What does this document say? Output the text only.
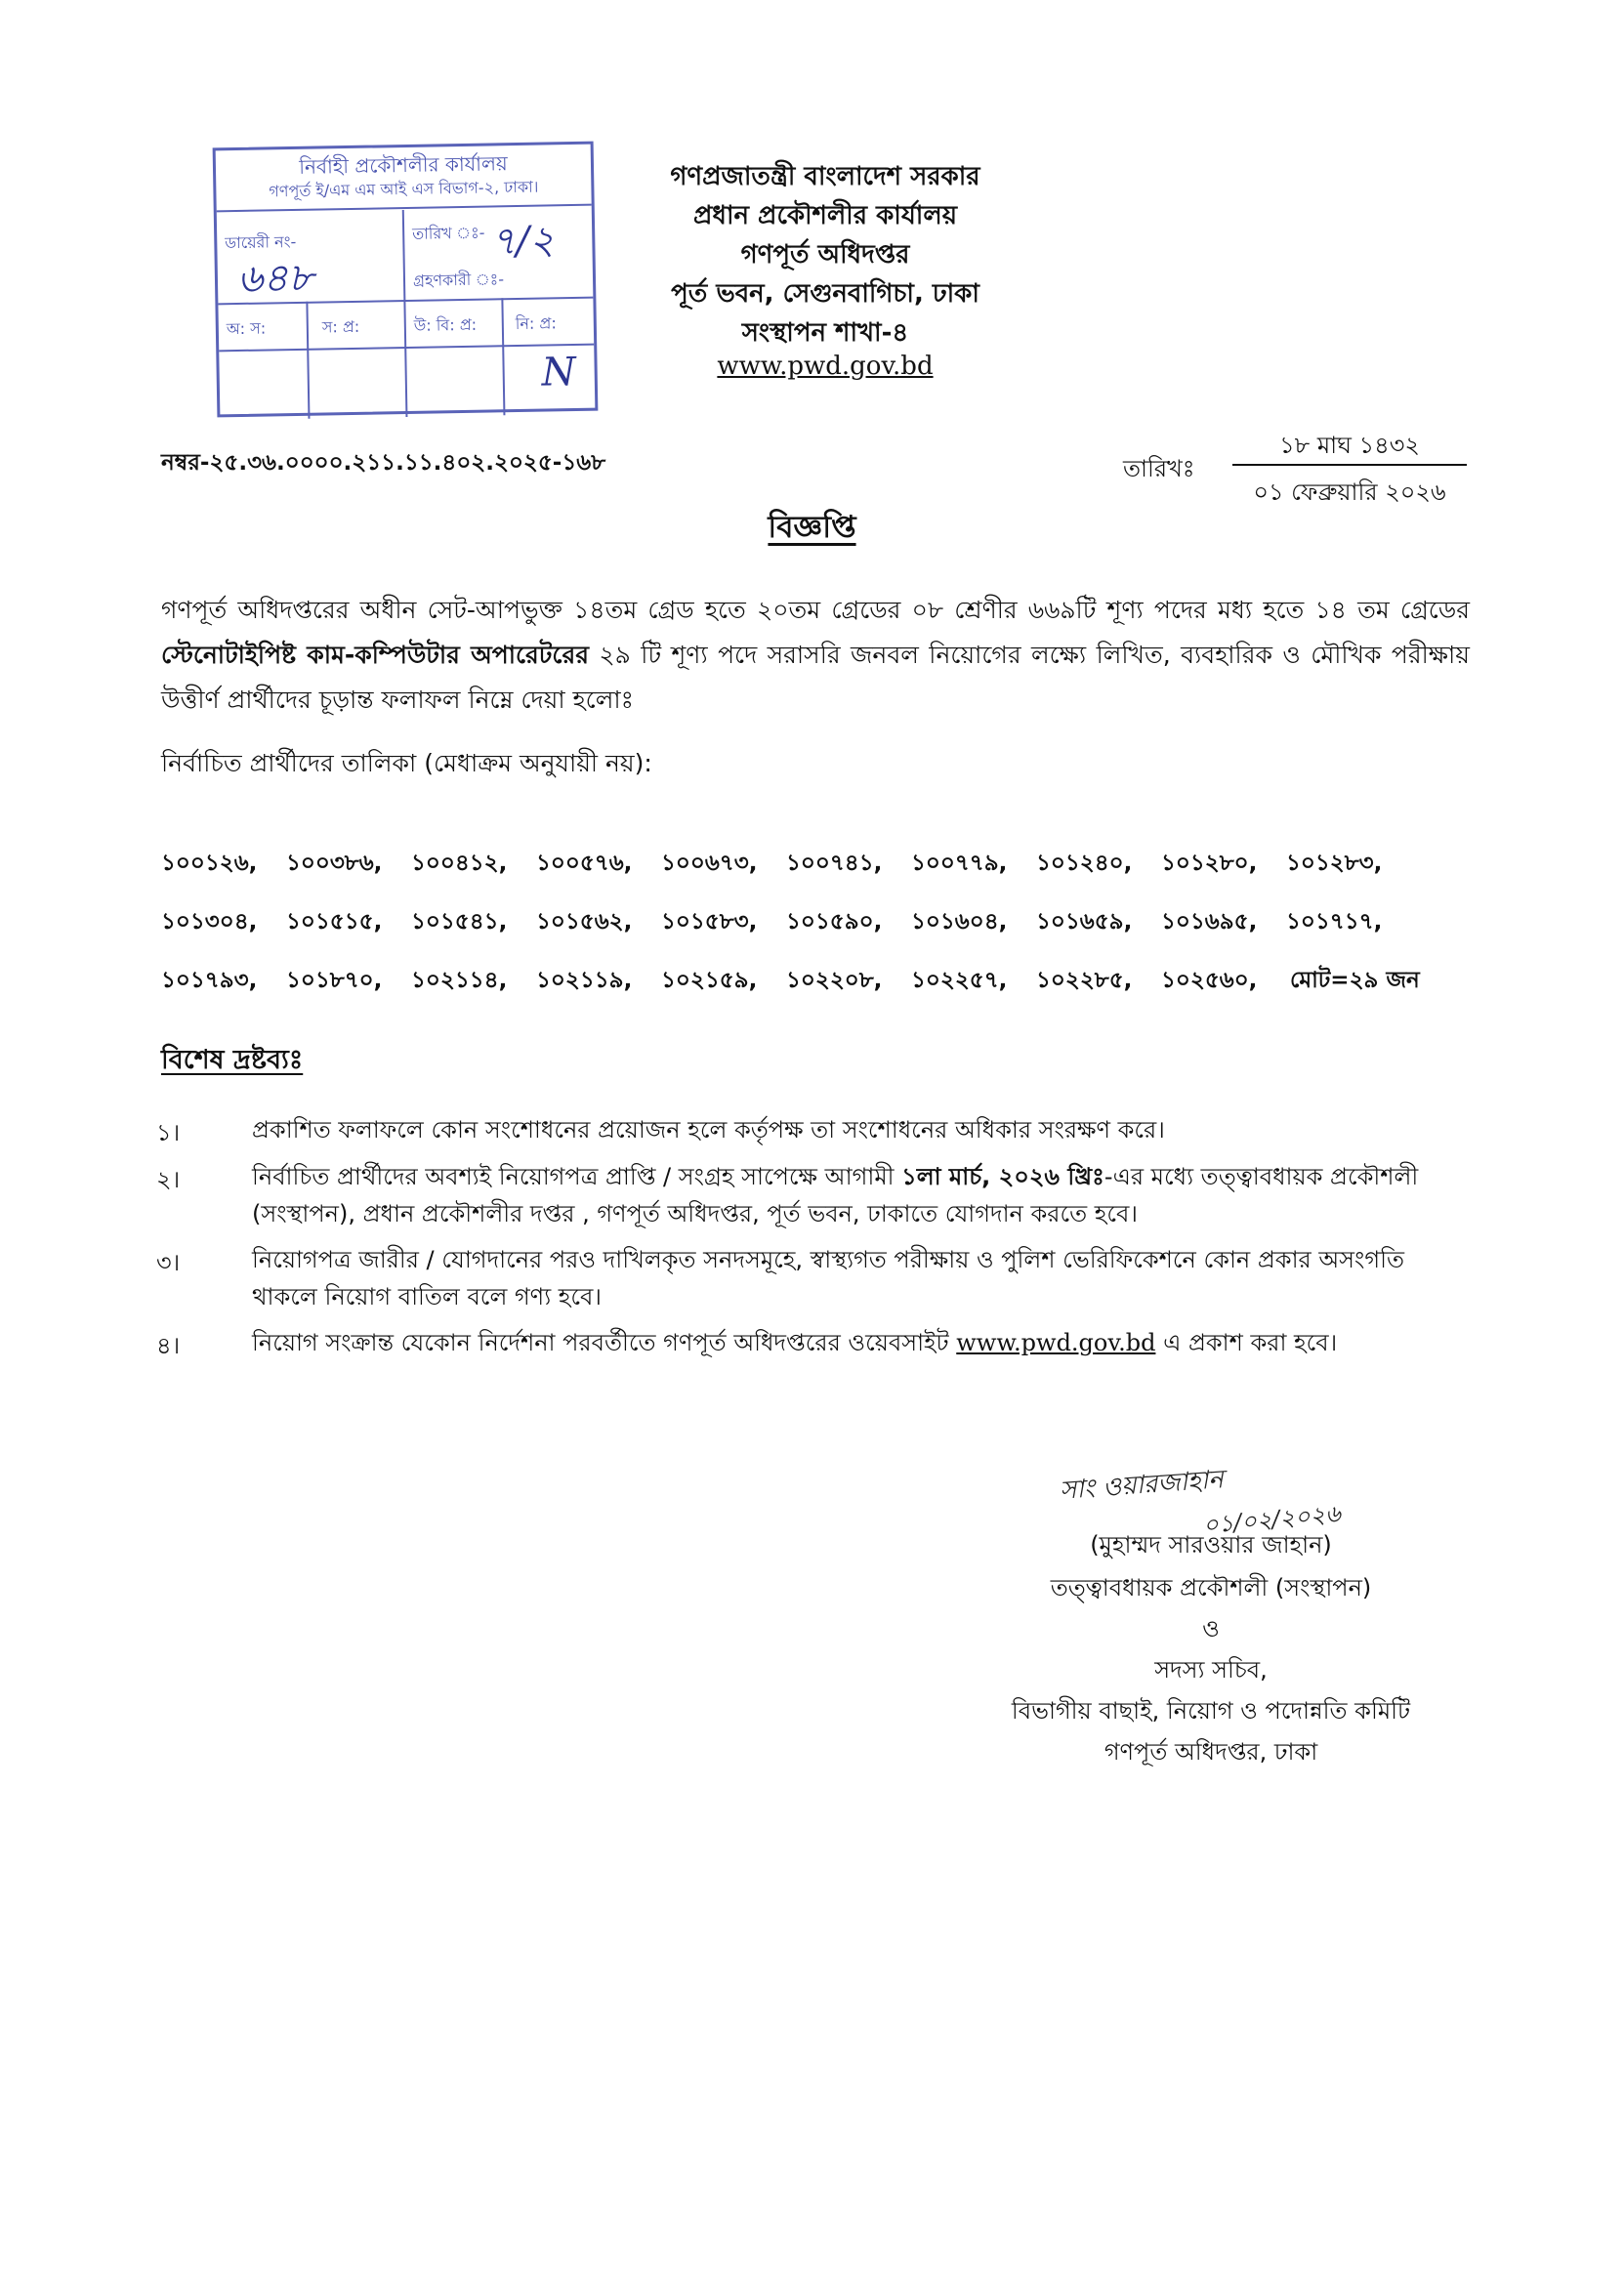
নির্বাহী প্রকৌশলীর কার্যালয়
গণপূর্ত ই/এম এম আই এস বিভাগ-২, ঢাকা।
ডায়েরী নং-
৬৪৮
তারিখ ঃ- ৭/২
গ্রহণকারী ঃ-
অ: স:	স: প্র:	উ: বি: প্র: নি: প্র:
N
গণপ্রজাতন্ত্রী বাংলাদেশ সরকার
প্রধান প্রকৌশলীর কার্যালয়
গণপূর্ত অধিদপ্তর
পূর্ত ভবন, সেগুনবাগিচা, ঢাকা
সংস্থাপন শাখা-৪
www.pwd.gov.bd
নম্বর-২৫.৩৬.০০০০.২১১.১১.৪০২.২০২৫-১৬৮	তারিখঃ
১৮ মাঘ ১৪৩২
০১ ফেব্রুয়ারি ২০২৬
বিজ্ঞপ্তি
গণপূর্ত অধিদপ্তরের অধীন সেট-আপভুক্ত ১৪তম গ্রেড হতে ২০তম গ্রেডের ০৮ শ্রেণীর ৬৬৯টি শূণ্য পদের মধ্য হতে ১৪ তম গ্রেডের স্টেনোটাইপিষ্ট কাম-কম্পিউটার অপারেটরের ২৯ টি শূণ্য পদে সরাসরি জনবল নিয়োগের লক্ষ্যে লিখিত, ব্যবহারিক ও মৌখিক পরীক্ষায় উত্তীর্ণ প্রার্থীদের চূড়ান্ত ফলাফল নিম্নে দেয়া হলোঃ
নির্বাচিত প্রার্থীদের তালিকা (মেধাক্রম অনুযায়ী নয়):
১০০১২৬, ১০০৩৮৬, ১০০৪১২, ১০০৫৭৬, ১০০৬৭৩, ১০০৭৪১, ১০০৭৭৯, ১০১২৪০, ১০১২৮০, ১০১২৮৩,
১০১৩০৪, ১০১৫১৫, ১০১৫৪১, ১০১৫৬২, ১০১৫৮৩, ১০১৫৯০, ১০১৬০৪, ১০১৬৫৯, ১০১৬৯৫, ১০১৭১৭,
১০১৭৯৩, ১০১৮৭০, ১০২১১৪, ১০২১১৯, ১০২১৫৯, ১০২২০৮, ১০২২৫৭, ১০২২৮৫, ১০২৫৬০, মোট=২৯ জন
বিশেষ দ্রষ্টব্যঃ
১।	প্রকাশিত ফলাফলে কোন সংশোধনের প্রয়োজন হলে কর্তৃপক্ষ তা সংশোধনের অধিকার সংরক্ষণ করে।
২।	নির্বাচিত প্রার্থীদের অবশ্যই নিয়োগপত্র প্রাপ্তি / সংগ্রহ সাপেক্ষে আগামী ১লা মার্চ, ২০২৬ খ্রিঃ-এর মধ্যে তত্ত্বাবধায়ক প্রকৌশলী (সংস্থাপন), প্রধান প্রকৌশলীর দপ্তর , গণপূর্ত অধিদপ্তর, পূর্ত ভবন, ঢাকাতে যোগদান করতে হবে।
৩।	নিয়োগপত্র জারীর / যোগদানের পরও দাখিলকৃত সনদসমূহে, স্বাস্থ্যগত পরীক্ষায় ও পুলিশ ভেরিফিকেশনে কোন প্রকার অসংগতি থাকলে নিয়োগ বাতিল বলে গণ্য হবে।
৪।	নিয়োগ সংক্রান্ত যেকোন নির্দেশনা পরবর্তীতে গণপূর্ত অধিদপ্তরের ওয়েবসাইট www.pwd.gov.bd এ প্রকাশ করা হবে।
সাং ওয়ারজাহান
০১/০২/২০২৬
(মুহাম্মদ সারওয়ার জাহান)
তত্ত্বাবধায়ক প্রকৌশলী (সংস্থাপন)
ও
সদস্য সচিব,
বিভাগীয় বাছাই, নিয়োগ ও পদোন্নতি কমিটি
গণপূর্ত অধিদপ্তর, ঢাকা
